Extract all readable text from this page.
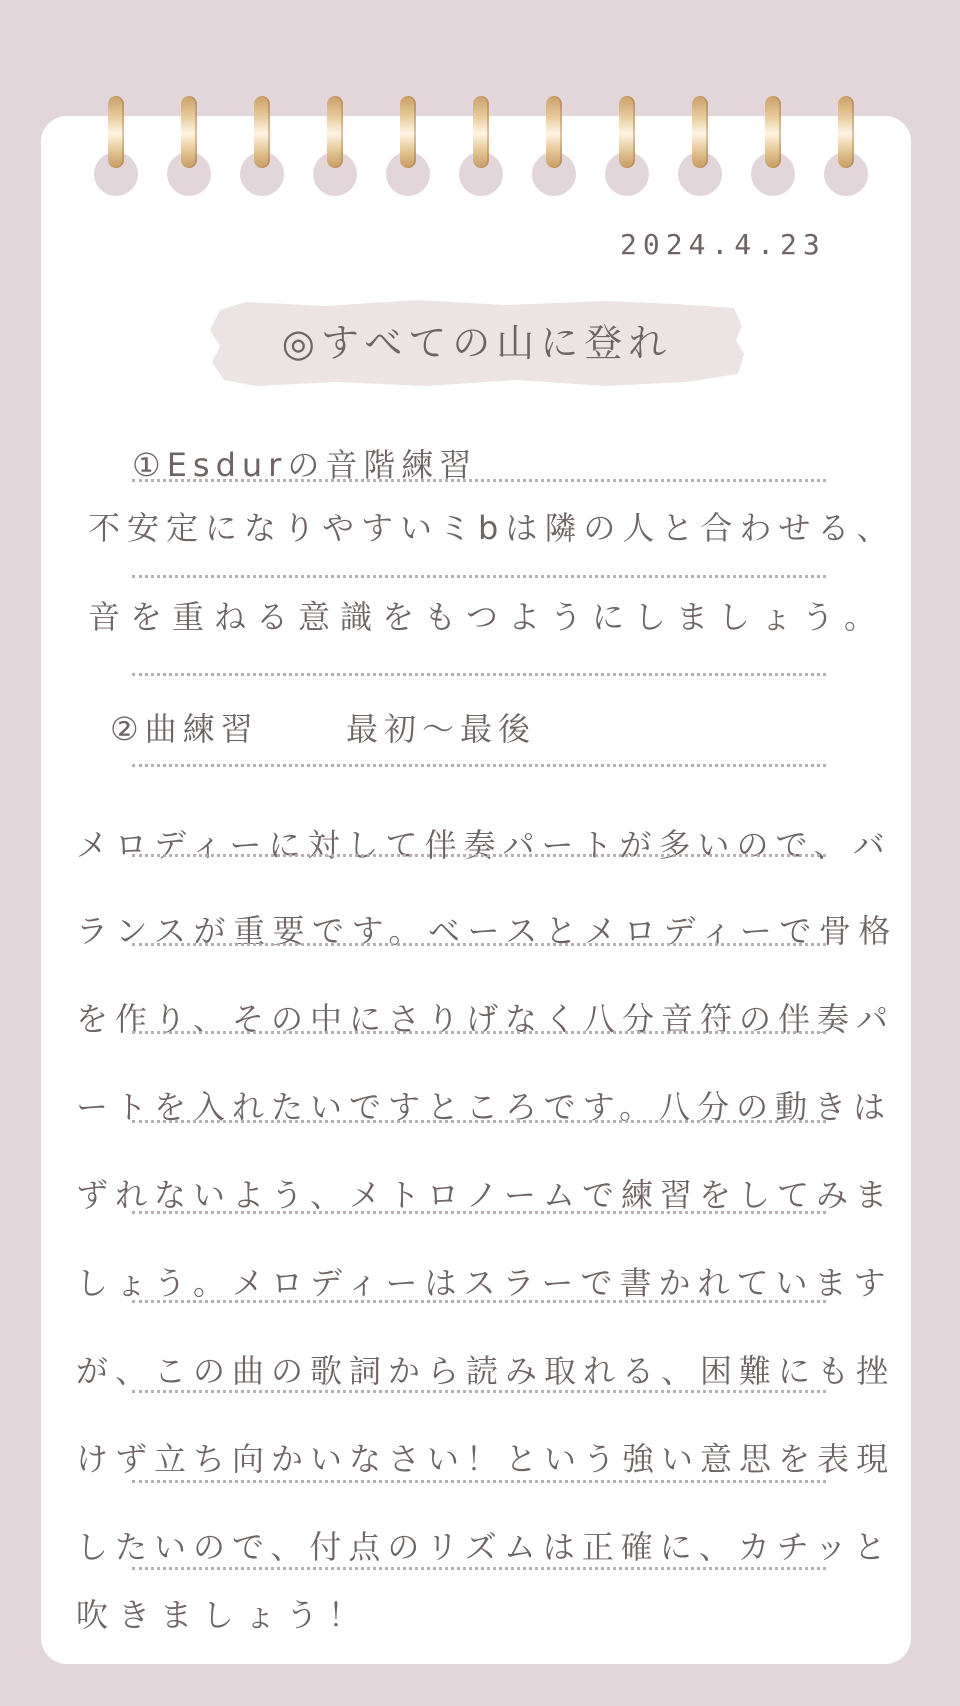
2024.4.23
◎すべての山に登れ
①Esdurの音階練習
不安定になりやすいミbは隣の人と合わせる、
音を重ねる意識をもつようにしましょう。
②曲練習	最初〜最後
メロディーに対して伴奏パートが多いので、バ
ランスが重要です。ベースとメロディーで骨格
を作り、その中にさりげなく八分音符の伴奏パ
ートを入れたいですところです。八分の動きは
ずれないよう、メトロノームで練習をしてみま
しょう。メロディーはスラーで書かれています
が、この曲の歌詞から読み取れる、困難にも挫
けず立ち向かいなさい！という強い意思を表現
したいので、付点のリズムは正確に、カチッと
吹きましょう！
